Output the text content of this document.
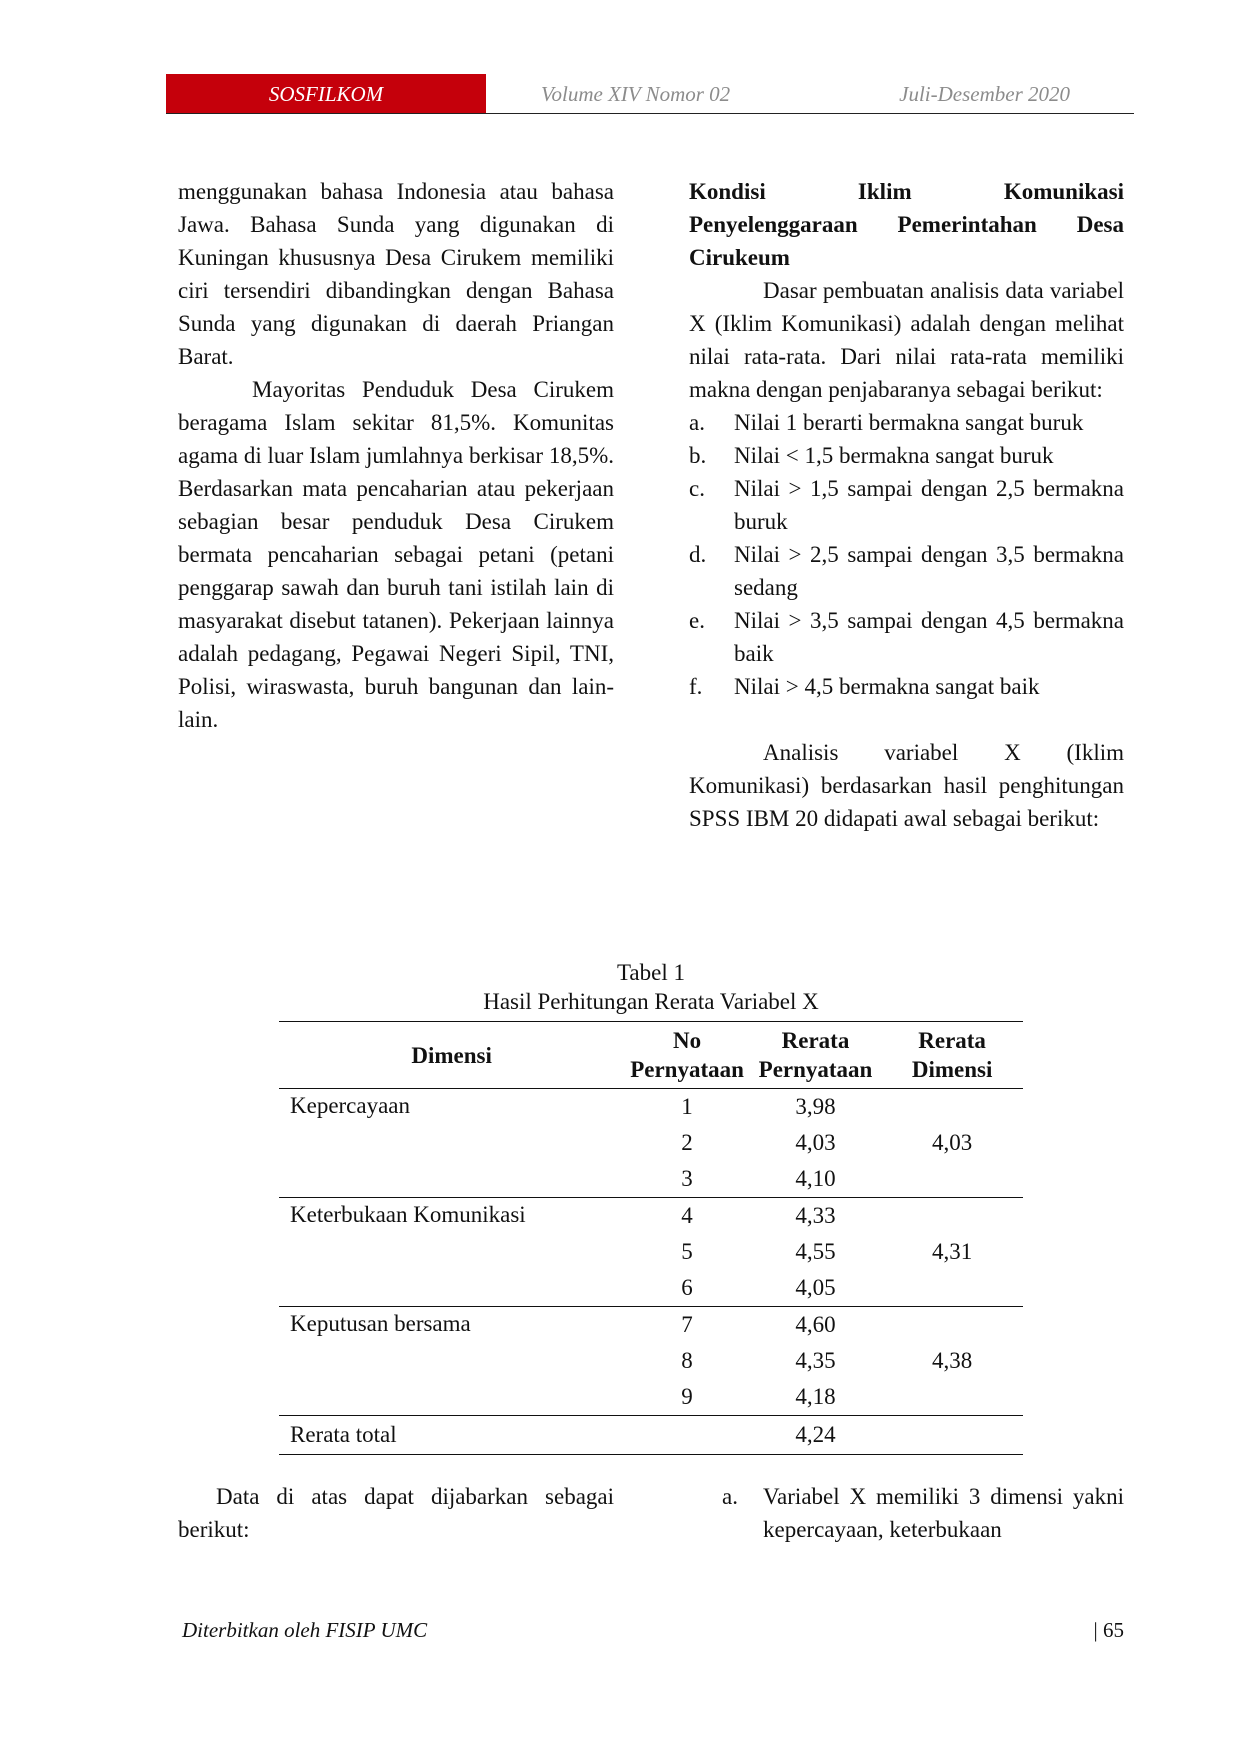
SOSFILKOM	Volume XIV Nomor 02	Juli-Desember 2020

menggunakan bahasa Indonesia atau bahasa Jawa. Bahasa Sunda yang digunakan di Kuningan khususnya Desa Cirukem memiliki ciri tersendiri dibandingkan dengan Bahasa Sunda yang digunakan di daerah Priangan Barat.

Mayoritas Penduduk Desa Cirukem beragama Islam sekitar 81,5%. Komunitas agama di luar Islam jumlahnya berkisar 18,5%. Berdasarkan mata pencaharian atau pekerjaan sebagian besar penduduk Desa Cirukem bermata pencaharian sebagai petani (petani penggarap sawah dan buruh tani istilah lain di masyarakat disebut tatanen). Pekerjaan lainnya adalah pedagang, Pegawai Negeri Sipil, TNI, Polisi, wiraswasta, buruh bangunan dan lain-lain.

Kondisi Iklim Komunikasi Penyelenggaraan Pemerintahan Desa Cirukeum

Dasar pembuatan analisis data variabel X (Iklim Komunikasi) adalah dengan melihat nilai rata-rata. Dari nilai rata-rata memiliki makna dengan penjabaranya sebagai berikut:

a. Nilai 1 berarti bermakna sangat buruk
b. Nilai < 1,5 bermakna sangat buruk
c. Nilai > 1,5 sampai dengan 2,5 bermakna buruk
d. Nilai > 2,5 sampai dengan 3,5 bermakna sedang
e. Nilai > 3,5 sampai dengan 4,5 bermakna baik
f. Nilai > 4,5 bermakna sangat baik

Analisis variabel X (Iklim Komunikasi) berdasarkan hasil penghitungan SPSS IBM 20 didapati awal sebagai berikut:

Tabel 1
Hasil Perhitungan Rerata Variabel X
Dimensi	No Pernyataan	Rerata Pernyataan	Rerata Dimensi
Kepercayaan	1	3,98	4,03
	2	4,03	
	3	4,10	
Keterbukaan Komunikasi	4	4,33	4,31
	5	4,55	
	6	4,05	
Keputusan bersama	7	4,60	4,38
	8	4,35	
	9	4,18	
Rerata total		4,24	
Data di atas dapat dijabarkan sebagai berikut:
a.	Variabel X memiliki 3 dimensi yakni kepercayaan, keterbukaan
Diterbitkan oleh FISIP UMC	| 65
